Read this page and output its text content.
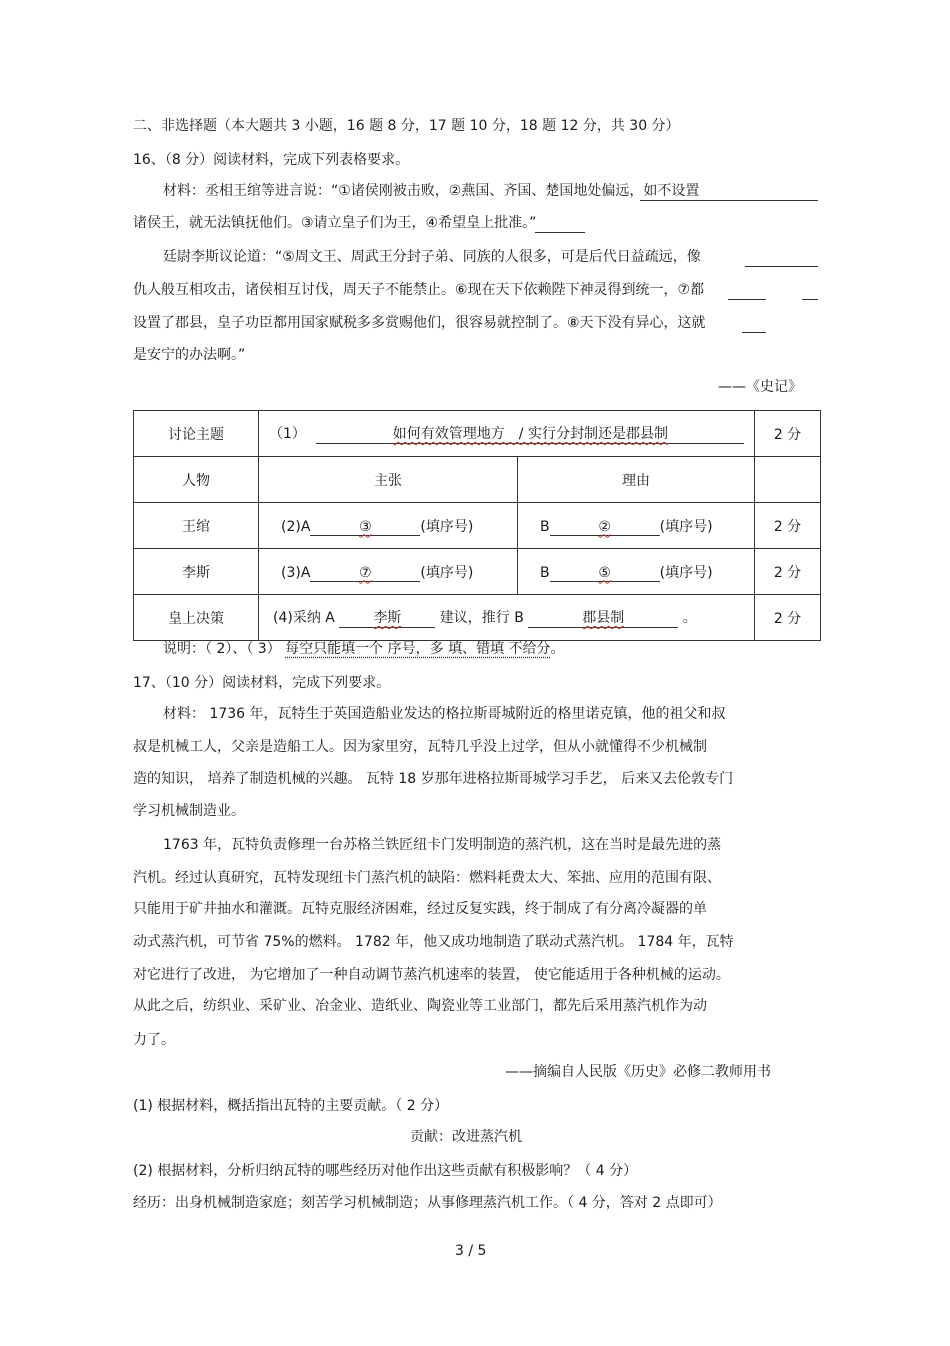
二、非选择题（本大题共 3 小题，16 题 8 分，17 题 10 分，18 题 12 分，共 30 分）
16、（8 分）阅读材料，完成下列表格要求。
材料：丞相王绾等进言说：“①诸侯刚被击败，②燕国、齐国、楚国地处偏远，如不设置
诸侯王，就无法镇抚他们。③请立皇子们为王，④希望皇上批准。”
廷尉李斯议论道：“⑤周文王、周武王分封子弟、同族的人很多，可是后代日益疏远，像
仇人般互相攻击，诸侯相互讨伐，周天子不能禁止。⑥现在天下依赖陛下神灵得到统一，⑦都
设置了郡县，皇子功臣都用国家赋税多多赏赐他们，很容易就控制了。⑧天下没有异心，这就
是安宁的办法啊。”
——《史记》
讨论主题	（1） 如何有效管理地方　/ 实行分封制还是郡县制		2 分
人物	主张	理由	
王绾	(2)A ③ (填序号)	B ② (填序号)	2 分
李斯	(3)A ⑦ (填序号)	B ⑤ (填序号)	2 分
皇上决策	(4)采纳 A 李斯 建议，推行 B 郡县制 。		2 分
说明：（ 2）、（ 3） 每空只能填一个 序号，多 填、错填 不给分。
17、（10 分）阅读材料，完成下列要求。
材料： 1736 年，瓦特生于英国造船业发达的格拉斯哥城附近的格里诺克镇，他的祖父和叔
叔是机械工人，父亲是造船工人。因为家里穷，瓦特几乎没上过学，但从小就懂得不少机械制
造的知识， 培养了制造机械的兴趣。 瓦特 18 岁那年进格拉斯哥城学习手艺， 后来又去伦敦专门
学习机械制造业。
1763 年，瓦特负责修理一台苏格兰铁匠纽卡门发明制造的蒸汽机，这在当时是最先进的蒸
汽机。经过认真研究，瓦特发现纽卡门蒸汽机的缺陷：燃料耗费太大、笨拙、应用的范围有限、
只能用于矿井抽水和灌溉。瓦特克服经济困难，经过反复实践，终于制成了有分离冷凝器的单
动式蒸汽机，可节省 75%的燃料。 1782 年，他又成功地制造了联动式蒸汽机。 1784 年，瓦特
对它进行了改进， 为它增加了一种自动调节蒸汽机速率的装置， 使它能适用于各种机械的运动。
从此之后，纺织业、采矿业、冶金业、造纸业、陶瓷业等工业部门，都先后采用蒸汽机作为动
力了。
——摘编自人民版《历史》必修二教师用书
(1) 根据材料，概括指出瓦特的主要贡献。（ 2 分）
贡献：改进蒸汽机
(2) 根据材料，分析归纳瓦特的哪些经历对他作出这些贡献有积极影响？（ 4 分）
经历：出身机械制造家庭；刻苦学习机械制造；从事修理蒸汽机工作。（ 4 分，答对 2 点即可）
3 / 5
